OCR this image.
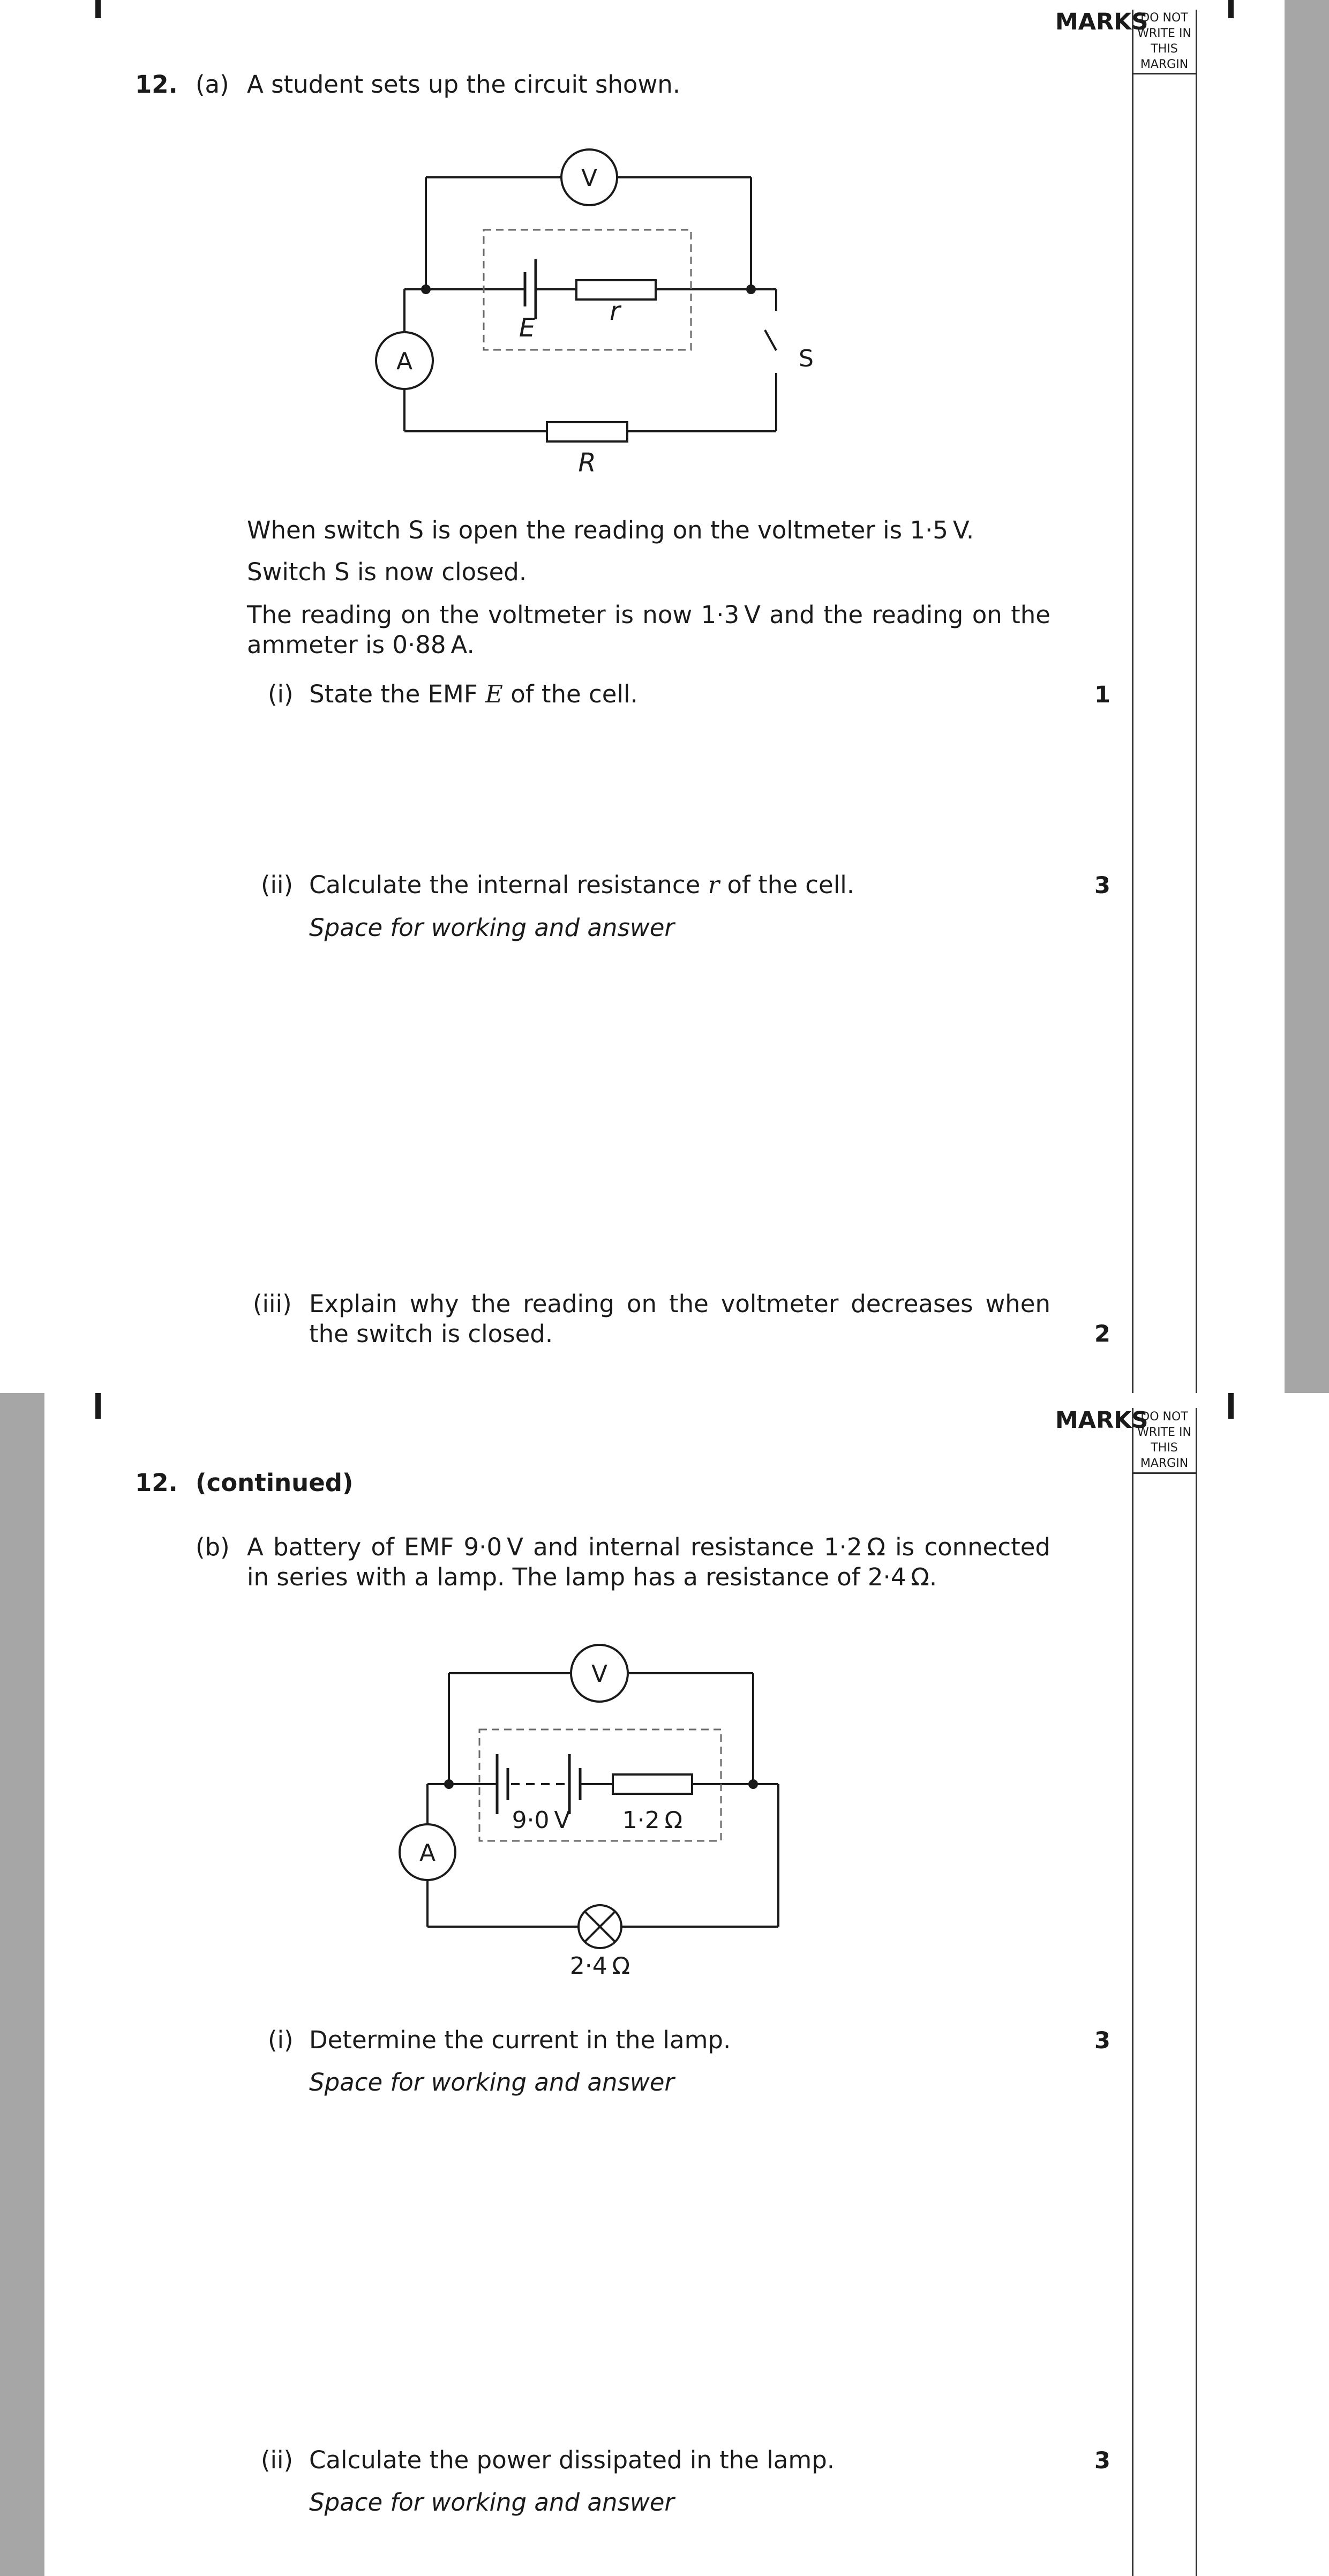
MARKS
DO NOT
WRITE IN
THIS
MARGIN
12. (a) A student sets up the circuit shown.
V
A
E
r
S
R
When switch S is open the reading on the voltmeter is 1·5 V.
Switch S is now closed.
The reading on the voltmeter is now 1·3 V and the reading on the ammeter is 0·88 A.
(i) State the EMF E of the cell.	1
(ii) Calculate the internal resistance r of the cell.	3
Space for working and answer
(iii) Explain why the reading on the voltmeter decreases when the switch is closed.	2
MARKS
DO NOT
WRITE IN
THIS
MARGIN
12. (continued)
(b) A battery of EMF 9·0 V and internal resistance 1·2 Ω is connected in series with a lamp. The lamp has a resistance of 2·4 Ω.
V
A
9·0 V 1·2 Ω
2·4 Ω
(i) Determine the current in the lamp.	3
Space for working and answer
(ii) Calculate the power dissipated in the lamp.	3
Space for working and answer
